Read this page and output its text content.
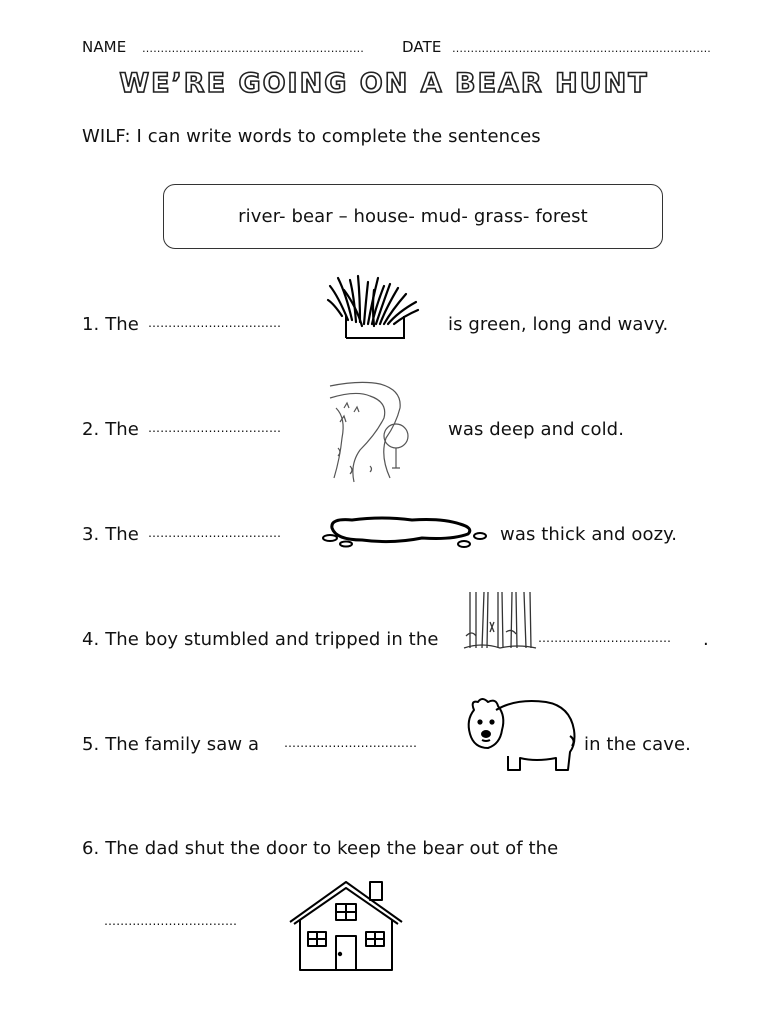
NAME ……………………………………………………	DATE …………………………………………………………….
WE’RE GOING ON A BEAR HUNT
WILF: I can write words to complete the sentences
river- bear – house- mud- grass- forest
1. The ……………………………	is green, long and wavy.
2. The ……………………………	was deep and cold.
3. The ……………………………	was thick and oozy.
4. The boy stumbled and tripped in the	…………………………… .
5. The family saw a ……………………………	in the cave.
6. The dad shut the door to keep the bear out of the
……………………………
